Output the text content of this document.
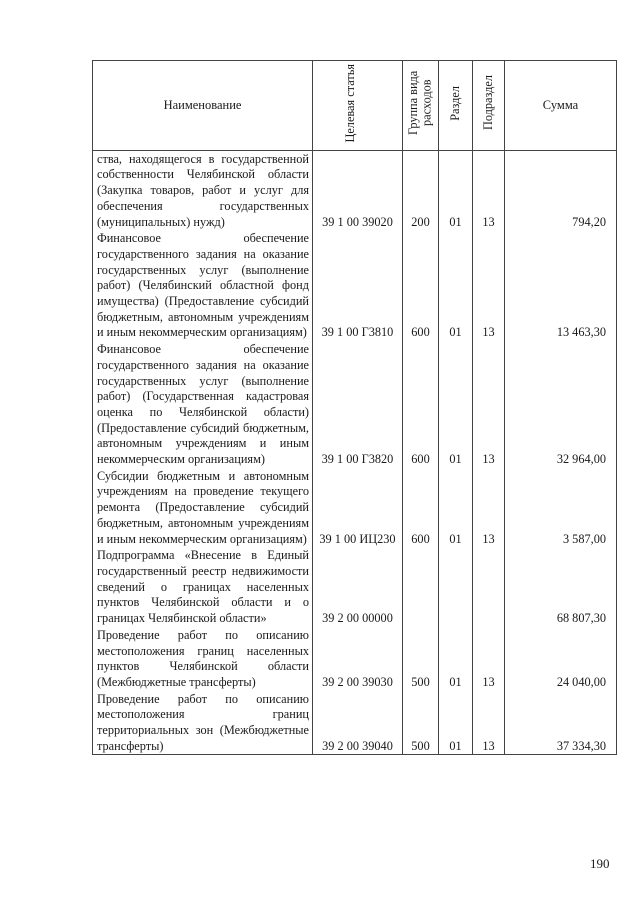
Наименование	Целевая статья	Группа вида расходов	Раздел	Подраздел	Сумма

ства, находящегося в государственной собственности Челябинской области (Закупка товаров, работ и услуг для обеспечения государственных (муниципальных) нужд)	39 1 00 39020	200	01	13	794,20

Финансовое обеспечение государственного задания на оказание государственных услуг (выполнение работ) (Челябинский областной фонд имущества) (Предоставление субсидий бюджетным, автономным учреждениям и иным некоммерческим организациям)	39 1 00 Г3810	600	01	13	13 463,30

Финансовое обеспечение государственного задания на оказание государственных услуг (выполнение работ) (Государственная кадастровая оценка по Челябинской области) (Предоставление субсидий бюджетным, автономным учреждениям и иным некоммерческим организациям)	39 1 00 Г3820	600	01	13	32 964,00

Субсидии бюджетным и автономным учреждениям на проведение текущего ремонта (Предоставление субсидий бюджетным, автономным учреждениям и иным некоммерческим организациям)	39 1 00 ИЦ230	600	01	13	3 587,00

Подпрограмма «Внесение в Единый государственный реестр недвижимости сведений о границах населенных пунктов Челябинской области и о границах Челябинской области»	39 2 00 00000				68 807,30

Проведение работ по описанию местоположения границ населенных пунктов Челябинской области (Межбюджетные трансферты)	39 2 00 39030	500	01	13	24 040,00

Проведение работ по описанию местоположения границ территориальных зон (Межбюджетные трансферты)	39 2 00 39040	500	01	13	37 334,30
190
